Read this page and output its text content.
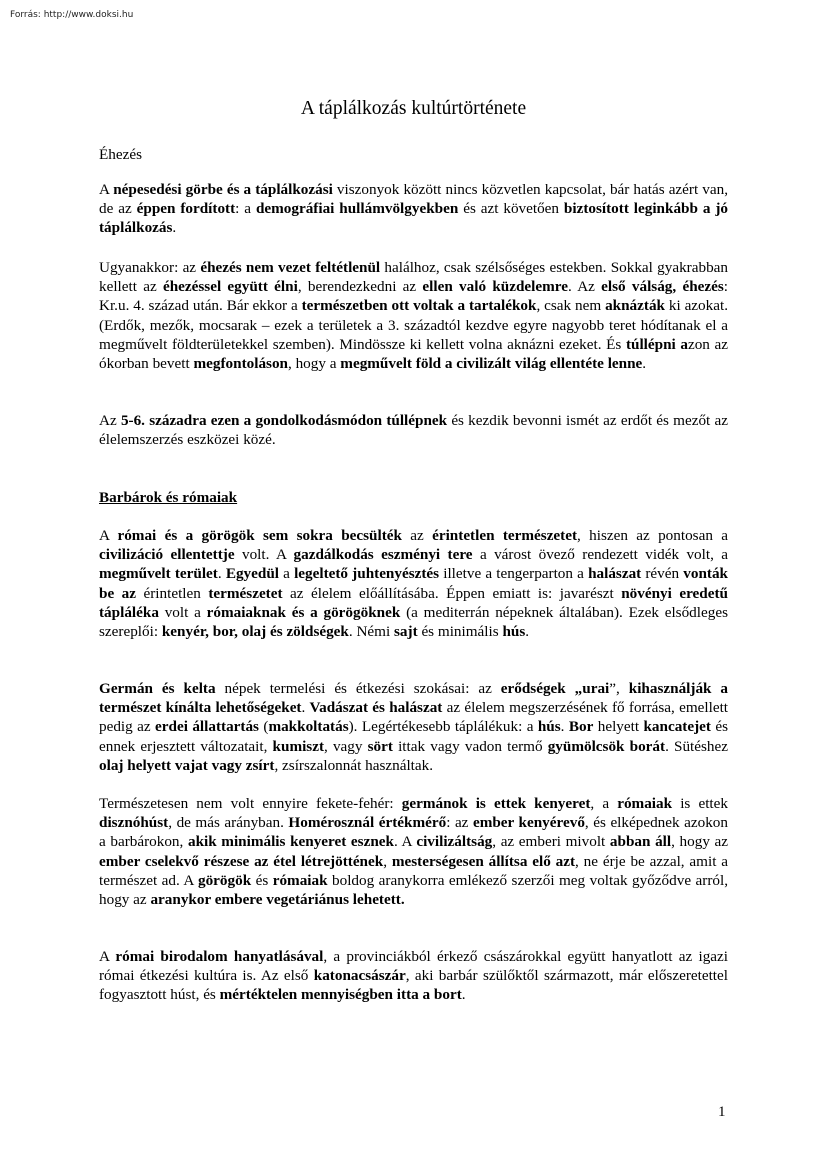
Forrás: http://www.doksi.hu
A táplálkozás kultúrtörténete

Éhezés

A népesedési görbe és a táplálkozási viszonyok között nincs közvetlen kapcsolat, bár hatás azért van, de az éppen fordított: a demográfiai hullámvölgyekben és azt követően biztosított leginkább a jó táplálkozás.

Ugyanakkor: az éhezés nem vezet feltétlenül halálhoz, csak szélsőséges estekben. Sokkal gyakrabban kellett az éhezéssel együtt élni, berendezkedni az ellen való küzdelemre. Az első válság, éhezés: Kr.u. 4. század után. Bár ekkor a természetben ott voltak a tartalékok, csak nem aknázták ki azokat. (Erdők, mezők, mocsarak – ezek a területek a 3. századtól kezdve egyre nagyobb teret hódítanak el a megművelt földterületekkel szemben). Mindössze ki kellett volna aknázni ezeket. És túllépni azon az ókorban bevett megfontoláson, hogy a megművelt föld a civilizált világ ellentéte lenne.

Az 5-6. századra ezen a gondolkodásmódon túllépnek és kezdik bevonni ismét az erdőt és mezőt az élelemszerzés eszközei közé.

Barbárok és rómaiak

A római és a görögök sem sokra becsülték az érintetlen természetet, hiszen az pontosan a civilizáció ellentettje volt. A gazdálkodás eszményi tere a várost övező rendezett vidék volt, a megművelt terület. Egyedül a legeltető juhtenyésztés illetve a tengerparton a halászat révén vonták be az érintetlen természetet az élelem előállításába. Éppen emiatt is: javarészt növényi eredetű tápláléka volt a rómaiaknak és a görögöknek (a mediterrán népeknek általában). Ezek elsődleges szereplői: kenyér, bor, olaj és zöldségek. Némi sajt és minimális hús.

Germán és kelta népek termelési és étkezési szokásai: az erődségek „urai”, kihasználják a természet kínálta lehetőségeket. Vadászat és halászat az élelem megszerzésének fő forrása, emellett pedig az erdei állattartás (makkoltatás). Legértékesebb táplálékuk: a hús. Bor helyett kancatejet és ennek erjesztett változatait, kumiszt, vagy sört ittak vagy vadon termő gyümölcsök borát. Sütéshez olaj helyett vajat vagy zsírt, zsírszalonnát használtak.

Természetesen nem volt ennyire fekete-fehér: germánok is ettek kenyeret, a rómaiak is ettek disznóhúst, de más arányban. Homérosznál értékmérő: az ember kenyérevő, és elképednek azokon a barbárokon, akik minimális kenyeret esznek. A civilizáltság, az emberi mivolt abban áll, hogy az ember cselekvő részese az étel létrejöttének, mesterségesen állítsa elő azt, ne érje be azzal, amit a természet ad. A görögök és rómaiak boldog aranykorra emlékező szerzői meg voltak győződve arról, hogy az aranykor embere vegetáriánus lehetett.

A római birodalom hanyatlásával, a provinciákból érkező császárokkal együtt hanyatlott az igazi római étkezési kultúra is. Az első katonacsászár, aki barbár szülőktől származott, már előszeretettel fogyasztott húst, és mértéktelen mennyiségben itta a bort.

1
